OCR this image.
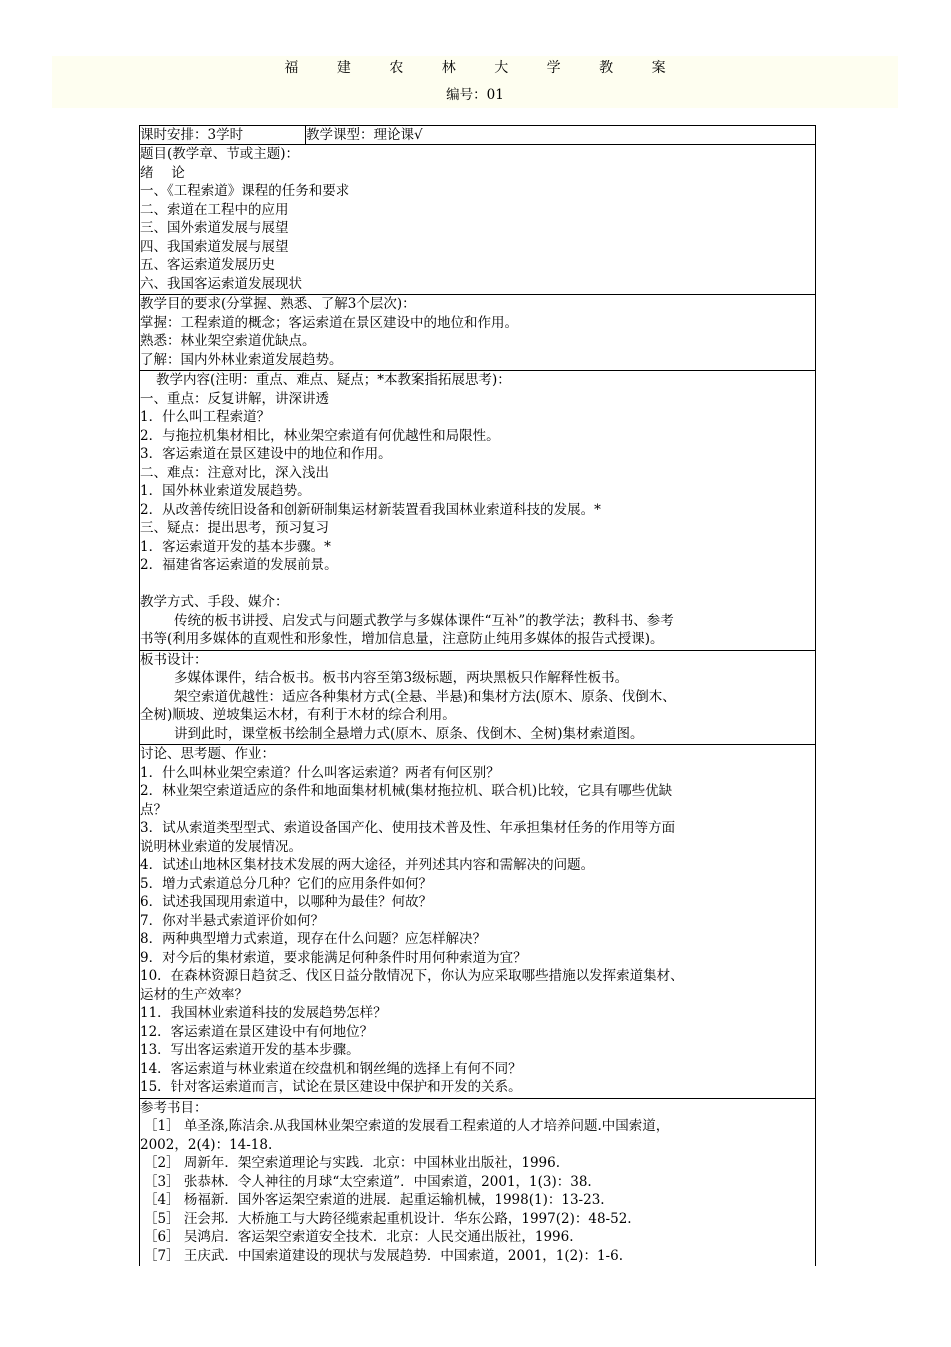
福 建 农 林 大 学 教 案
编号：01
课时安排：3学时	教学课型：理论课√
题目(教学章、节或主题)：
绪　 论
一、《工程索道》课程的任务和要求
二、索道在工程中的应用
三、国外索道发展与展望
四、我国索道发展与展望
五、客运索道发展历史
六、我国客运索道发展现状
教学目的要求(分掌握、熟悉、了解3个层次)：
掌握：工程索道的概念；客运索道在景区建设中的地位和作用。
熟悉：林业架空索道优缺点。
了解：国内外林业索道发展趋势。
教学内容(注明：重点、难点、疑点；*本教案指拓展思考)：
一、重点：反复讲解，讲深讲透
1．什么叫工程索道？
2．与拖拉机集材相比，林业架空索道有何优越性和局限性。
3．客运索道在景区建设中的地位和作用。
二、难点：注意对比，深入浅出
1．国外林业索道发展趋势。
2．从改善传统旧设备和创新研制集运材新装置看我国林业索道科技的发展。*
三、疑点：提出思考，预习复习
1．客运索道开发的基本步骤。*
2．福建省客运索道的发展前景。
教学方式、手段、媒介：
传统的板书讲授、启发式与问题式教学与多媒体课件“互补”的教学法；教科书、参考
书等(利用多媒体的直观性和形象性，增加信息量，注意防止纯用多媒体的报告式授课)。
板书设计：
多媒体课件，结合板书。板书内容至第3级标题，两块黑板只作解释性板书。
架空索道优越性：适应各种集材方式(全悬、半悬)和集材方法(原木、原条、伐倒木、
全树)顺坡、逆坡集运木材，有利于木材的综合利用。
讲到此时，课堂板书绘制全悬增力式(原木、原条、伐倒木、全树)集材索道图。
讨论、思考题、作业：
1．什么叫林业架空索道？什么叫客运索道？两者有何区别？
2．林业架空索道适应的条件和地面集材机械(集材拖拉机、联合机)比较，它具有哪些优缺
点？
3．试从索道类型型式、索道设备国产化、使用技术普及性、年承担集材任务的作用等方面
说明林业索道的发展情况。
4．试述山地林区集材技术发展的两大途径，并列述其内容和需解决的问题。
5．增力式索道总分几种？它们的应用条件如何？
6．试述我国现用索道中，以哪种为最佳？何故？
7．你对半悬式索道评价如何？
8．两种典型增力式索道，现存在什么问题？应怎样解决？
9．对今后的集材索道，要求能满足何种条件时用何种索道为宜？
10．在森林资源日趋贫乏、伐区日益分散情况下，你认为应采取哪些措施以发挥索道集材、
运材的生产效率？
11．我国林业索道科技的发展趋势怎样？
12．客运索道在景区建设中有何地位？
13．写出客运索道开发的基本步骤。
14．客运索道与林业索道在绞盘机和钢丝绳的选择上有何不同？
15．针对客运索道而言，试论在景区建设中保护和开发的关系。
参考书目：
［1］ 单圣涤,陈洁余.从我国林业架空索道的发展看工程索道的人才培养问题.中国索道，
2002，2(4)：14-18.
［2］ 周新年．架空索道理论与实践．北京：中国林业出版社，1996.
［3］ 张恭林．令人神往的月球“太空索道”．中国索道，2001，1(3)：38.
［4］ 杨福新．国外客运架空索道的进展．起重运输机械，1998(1)：13-23.
［5］ 汪会邦．大桥施工与大跨径缆索起重机设计．华东公路，1997(2)：48-52.
［6］ 吴鸿启．客运架空索道安全技术．北京：人民交通出版社，1996.
［7］ 王庆武．中国索道建设的现状与发展趋势．中国索道，2001，1(2)：1-6.
